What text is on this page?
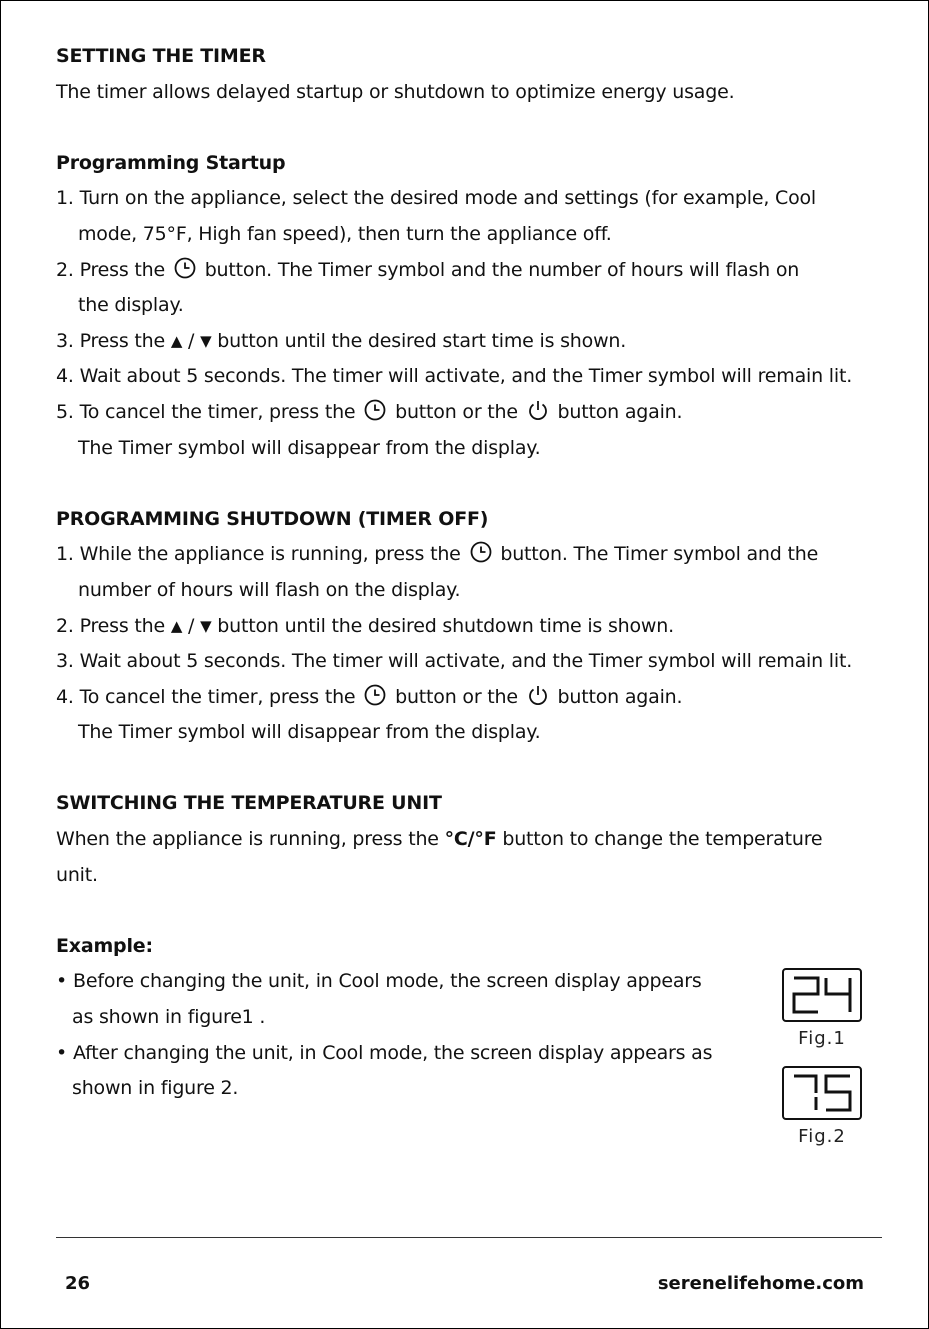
SETTING THE TIMER
The timer allows delayed startup or shutdown to optimize energy usage.
Programming Startup
1. Turn on the appliance, select the desired mode and settings (for example, Cool
mode, 75°F, High fan speed), then turn the appliance off.
2. Press the button. The Timer symbol and the number of hours will flash on
the display.
3. Press the ▲ / ▼ button until the desired start time is shown.
4. Wait about 5 seconds. The timer will activate, and the Timer symbol will remain lit.
5. To cancel the timer, press the button or the button again.
The Timer symbol will disappear from the display.
PROGRAMMING SHUTDOWN (TIMER OFF)
1. While the appliance is running, press the button. The Timer symbol and the
number of hours will flash on the display.
2. Press the ▲ / ▼ button until the desired shutdown time is shown.
3. Wait about 5 seconds. The timer will activate, and the Timer symbol will remain lit.
4. To cancel the timer, press the button or the button again.
The Timer symbol will disappear from the display.
SWITCHING THE TEMPERATURE UNIT
When the appliance is running, press the °C/°F button to change the temperature
unit.
Example:
• Before changing the unit, in Cool mode, the screen display appears
as shown in figure1 .
• After changing the unit, in Cool mode, the screen display appears as
shown in figure 2.
Fig.1
Fig.2
26	serenelifehome.com
